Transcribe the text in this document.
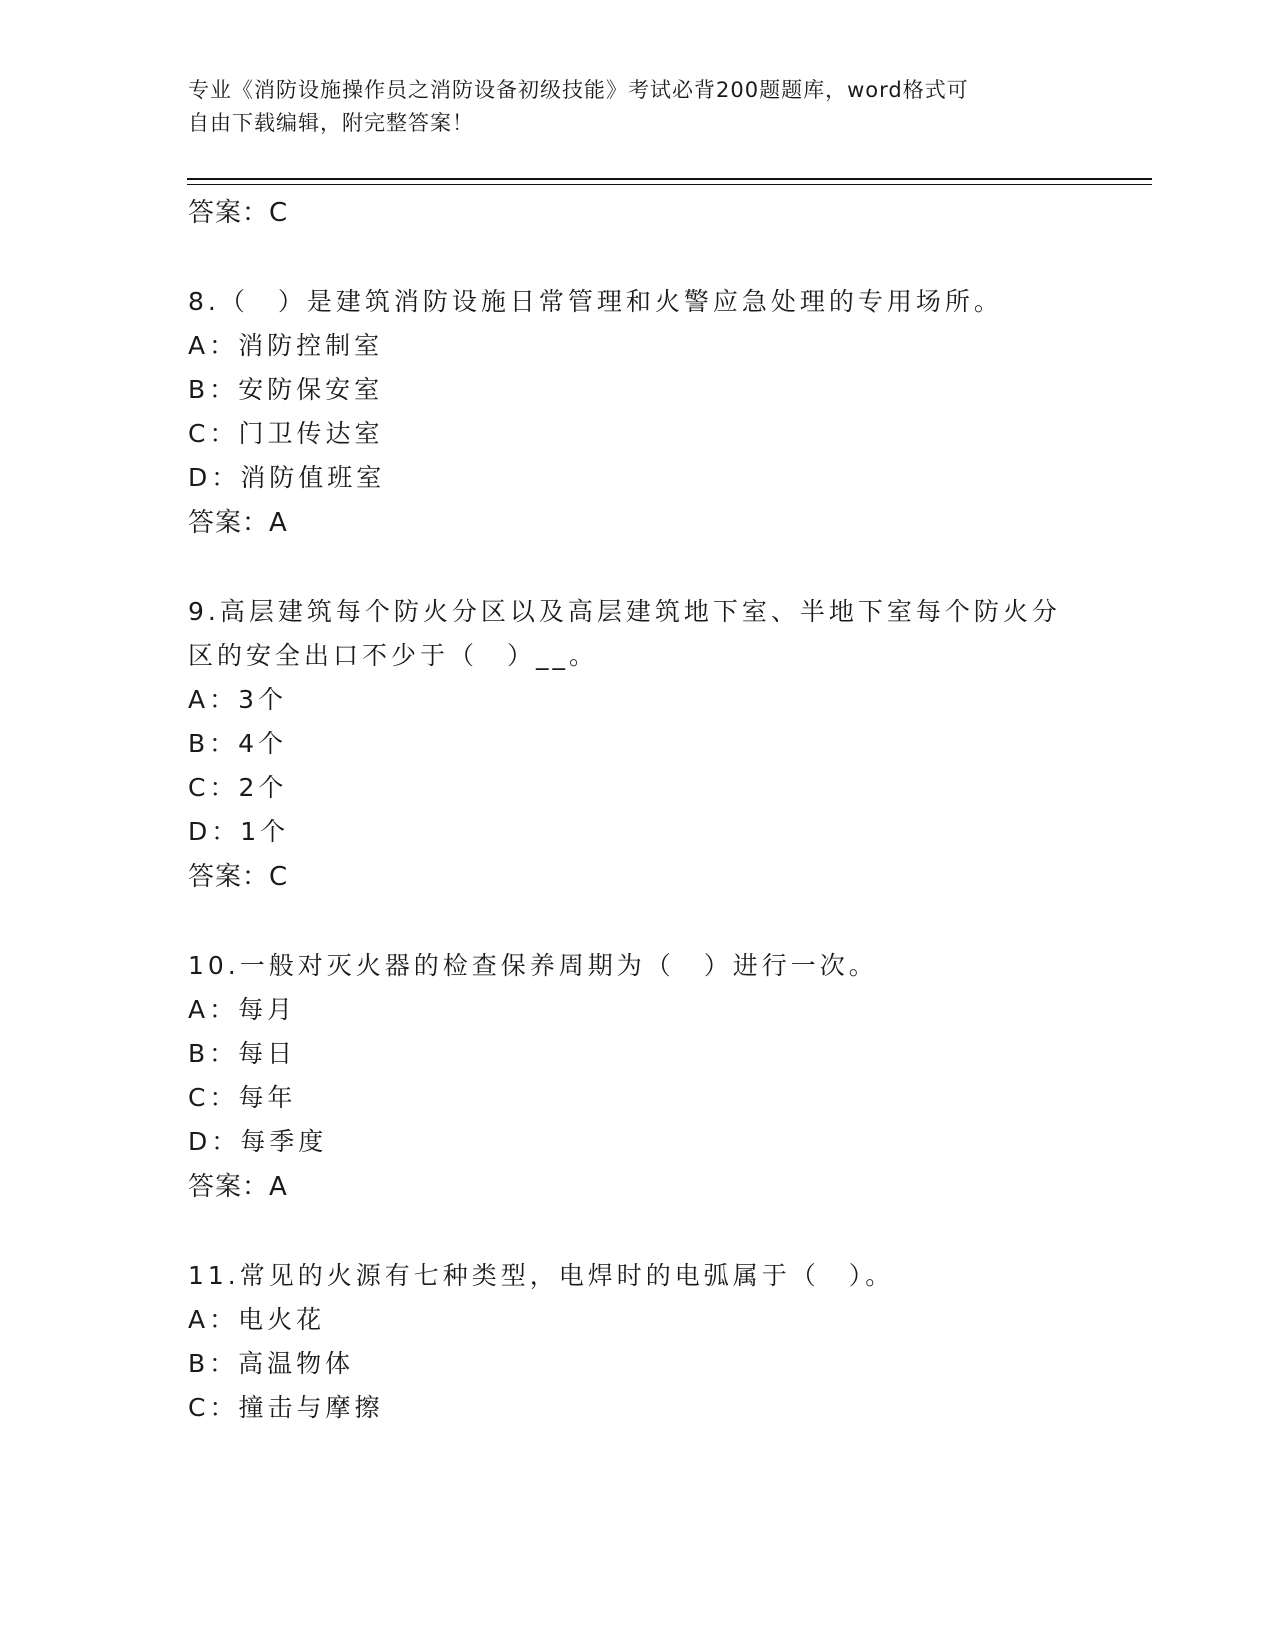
专业《消防设施操作员之消防设备初级技能》考试必背200题题库，word格式可
自由下载编辑，附完整答案！
答案：C
8.（　）是建筑消防设施日常管理和火警应急处理的专用场所。
A：消防控制室
B：安防保安室
C：门卫传达室
D：消防值班室
答案：A
9.高层建筑每个防火分区以及高层建筑地下室、半地下室每个防火分
区的安全出口不少于（　）__。
A：3个
B：4个
C：2个
D：1个
答案：C
10.一般对灭火器的检查保养周期为（　）进行一次。
A：每月
B：每日
C：每年
D：每季度
答案：A
11.常见的火源有七种类型，电焊时的电弧属于（　）。
A：电火花
B：高温物体
C：撞击与摩擦
